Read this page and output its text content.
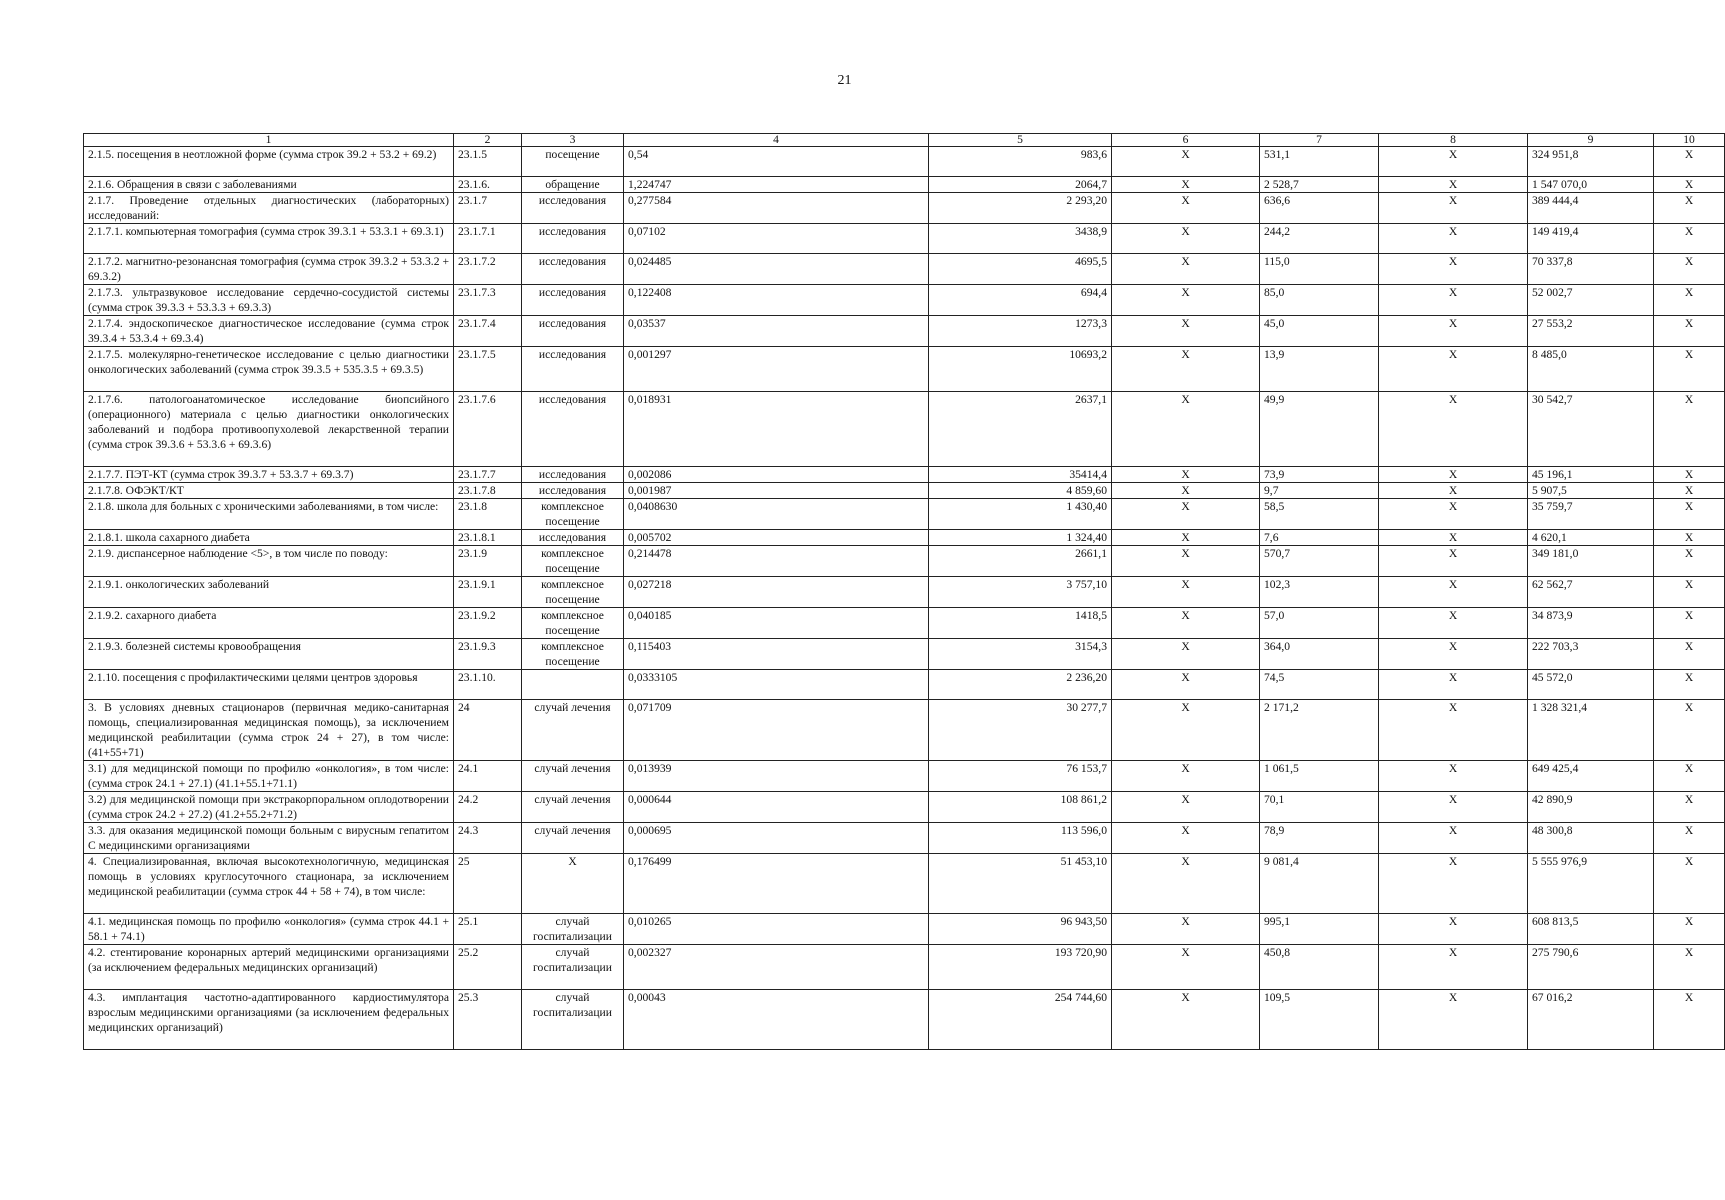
21
1	2	3	4	5	6	7	8	9	10
2.1.5. посещения в неотложной форме (сумма строк 39.2 + 53.2 + 69.2)	23.1.5	посещение	0,54	983,6	X	531,1	X	324 951,8	X
2.1.6. Обращения в связи с заболеваниями	23.1.6.	обращение	1,224747	2064,7	X	2 528,7	X	1 547 070,0	X
2.1.7. Проведение отдельных диагностических (лабораторных) исследований:	23.1.7	исследования	0,277584	2 293,20	X	636,6	X	389 444,4	X
2.1.7.1. компьютерная томография (сумма строк 39.3.1 + 53.3.1 + 69.3.1)	23.1.7.1	исследования	0,07102	3438,9	X	244,2	X	149 419,4	X
2.1.7.2. магнитно-резонансная томография (сумма строк 39.3.2 + 53.3.2 + 69.3.2)	23.1.7.2	исследования	0,024485	4695,5	X	115,0	X	70 337,8	X
2.1.7.3. ультразвуковое исследование сердечно-сосудистой системы (сумма строк 39.3.3 + 53.3.3 + 69.3.3)	23.1.7.3	исследования	0,122408	694,4	X	85,0	X	52 002,7	X
2.1.7.4. эндоскопическое диагностическое исследование (сумма строк 39.3.4 + 53.3.4 + 69.3.4)	23.1.7.4	исследования	0,03537	1273,3	X	45,0	X	27 553,2	X
2.1.7.5. молекулярно-генетическое исследование с целью диагностики онкологических заболеваний (сумма строк 39.3.5 + 535.3.5 + 69.3.5)	23.1.7.5	исследования	0,001297	10693,2	X	13,9	X	8 485,0	X
2.1.7.6. патологоанатомическое исследование биопсийного (операционного) материала с целью диагностики онкологических заболеваний и подбора противоопухолевой лекарственной терапии (сумма строк 39.3.6 + 53.3.6 + 69.3.6)	23.1.7.6	исследования	0,018931	2637,1	X	49,9	X	30 542,7	X
2.1.7.7. ПЭТ-КТ (сумма строк 39.3.7 + 53.3.7 + 69.3.7)	23.1.7.7	исследования	0,002086	35414,4	X	73,9	X	45 196,1	X
2.1.7.8. ОФЭКТ/КТ	23.1.7.8	исследования	0,001987	4 859,60	X	9,7	X	5 907,5	X
2.1.8. школа для больных с хроническими заболеваниями, в том числе:	23.1.8	комплексное посещение	0,0408630	1 430,40	X	58,5	X	35 759,7	X
2.1.8.1. школа сахарного диабета	23.1.8.1	исследования	0,005702	1 324,40	X	7,6	X	4 620,1	X
2.1.9. диспансерное наблюдение <5>, в том числе по поводу:	23.1.9	комплексное посещение	0,214478	2661,1	X	570,7	X	349 181,0	X
2.1.9.1. онкологических заболеваний	23.1.9.1	комплексное посещение	0,027218	3 757,10	X	102,3	X	62 562,7	X
2.1.9.2. сахарного диабета	23.1.9.2	комплексное посещение	0,040185	1418,5	X	57,0	X	34 873,9	X
2.1.9.3. болезней системы кровообращения	23.1.9.3	комплексное посещение	0,115403	3154,3	X	364,0	X	222 703,3	X
2.1.10. посещения с профилактическими целями центров здоровья	23.1.10.		0,0333105	2 236,20	X	74,5	X	45 572,0	X
3. В условиях дневных стационаров (первичная медико-санитарная помощь, специализированная медицинская помощь), за исключением медицинской реабилитации (сумма строк 24 + 27), в том числе: (41+55+71)	24	случай лечения	0,071709	30 277,7	X	2 171,2	X	1 328 321,4	X
3.1) для медицинской помощи по профилю «онкология», в том числе: (сумма строк 24.1 + 27.1) (41.1+55.1+71.1)	24.1	случай лечения	0,013939	76 153,7	X	1 061,5	X	649 425,4	X
3.2) для медицинской помощи при экстракорпоральном оплодотворении (сумма строк 24.2 + 27.2) (41.2+55.2+71.2)	24.2	случай лечения	0,000644	108 861,2	X	70,1	X	42 890,9	X
3.3. для оказания медицинской помощи больным с вирусным гепатитом С медицинскими организациями	24.3	случай лечения	0,000695	113 596,0	X	78,9	X	48 300,8	X
4. Специализированная, включая высокотехнологичную, медицинская помощь в условиях круглосуточного стационара, за исключением медицинской реабилитации (сумма строк 44 + 58 + 74), в том числе:	25	X	0,176499	51 453,10	X	9 081,4	X	5 555 976,9	X
4.1. медицинская помощь по профилю «онкология» (сумма строк 44.1 + 58.1 + 74.1)	25.1	случай госпитализации	0,010265	96 943,50	X	995,1	X	608 813,5	X
4.2. стентирование коронарных артерий медицинскими организациями (за исключением федеральных медицинских организаций)	25.2	случай госпитализации	0,002327	193 720,90	X	450,8	X	275 790,6	X
4.3. имплантация частотно-адаптированного кардиостимулятора взрослым медицинскими организациями (за исключением федеральных медицинских организаций)	25.3	случай госпитализации	0,00043	254 744,60	X	109,5	X	67 016,2	X
